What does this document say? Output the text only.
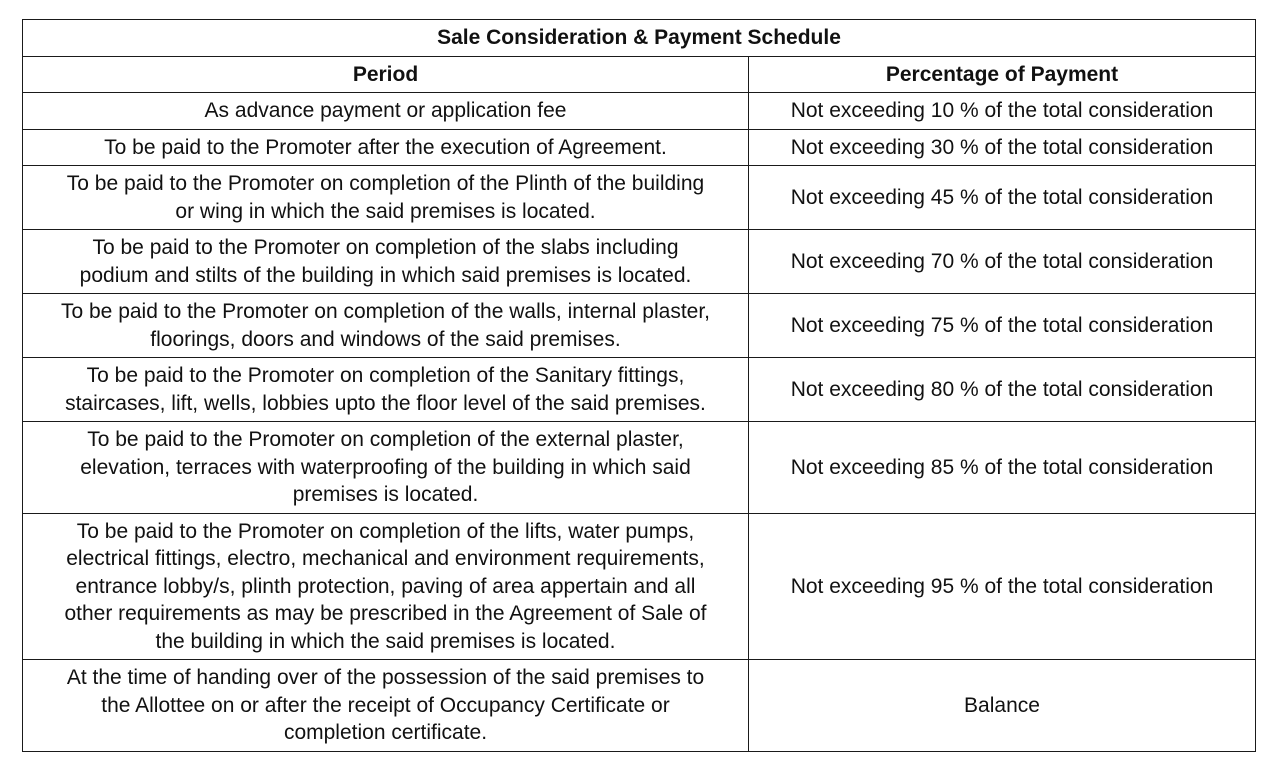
Sale Consideration & Payment Schedule	
Period	Percentage of Payment

As advance payment or application fee	Not exceeding 10 % of the total consideration

To be paid to the Promoter after the execution of Agreement.	Not exceeding 30 % of the total consideration

To be paid to the Promoter on completion of the Plinth of the building
or wing in which the said premises is located.	Not exceeding 45 % of the total consideration

To be paid to the Promoter on completion of the slabs including
podium and stilts of the building in which said premises is located.	Not exceeding 70 % of the total consideration

To be paid to the Promoter on completion of the walls, internal plaster,
floorings, doors and windows of the said premises.	Not exceeding 75 % of the total consideration

To be paid to the Promoter on completion of the Sanitary fittings,
staircases, lift, wells, lobbies upto the floor level of the said premises.	Not exceeding 80 % of the total consideration

To be paid to the Promoter on completion of the external plaster,
elevation, terraces with waterproofing of the building in which said
premises is located.	Not exceeding 85 % of the total consideration

To be paid to the Promoter on completion of the lifts, water pumps,
electrical fittings, electro, mechanical and environment requirements,
entrance lobby/s, plinth protection, paving of area appertain and all
other requirements as may be prescribed in the Agreement of Sale of
the building in which the said premises is located.	Not exceeding 95 % of the total consideration

At the time of handing over of the possession of the said premises to
the Allottee on or after the receipt of Occupancy Certificate or
completion certificate.	Balance
